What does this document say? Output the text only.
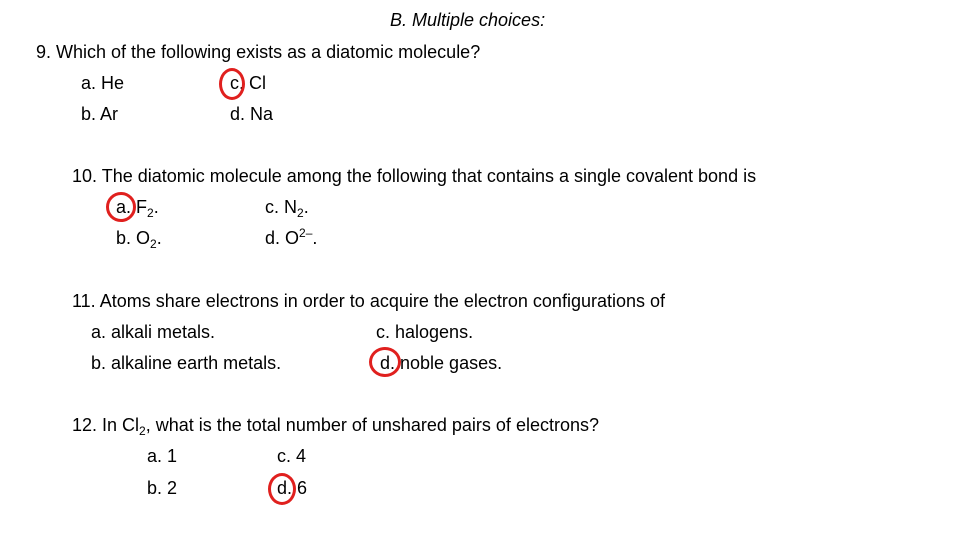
B. Multiple choices:
9. Which of the following exists as a diatomic molecule?
a. He	c. Cl
b. Ar	d. Na
10. The diatomic molecule among the following that contains a single covalent bond is
a. $F_2$.	c. $N_2$.
b. $O_2$.	d. $O^{2-}$.
11. Atoms share electrons in order to acquire the electron configurations of
a. alkali metals.	c. halogens.
b. alkaline earth metals.	d. noble gases.
12. In $Cl_2$, what is the total number of unshared pairs of electrons?
a. 1	c. 4
b. 2	d. 6
